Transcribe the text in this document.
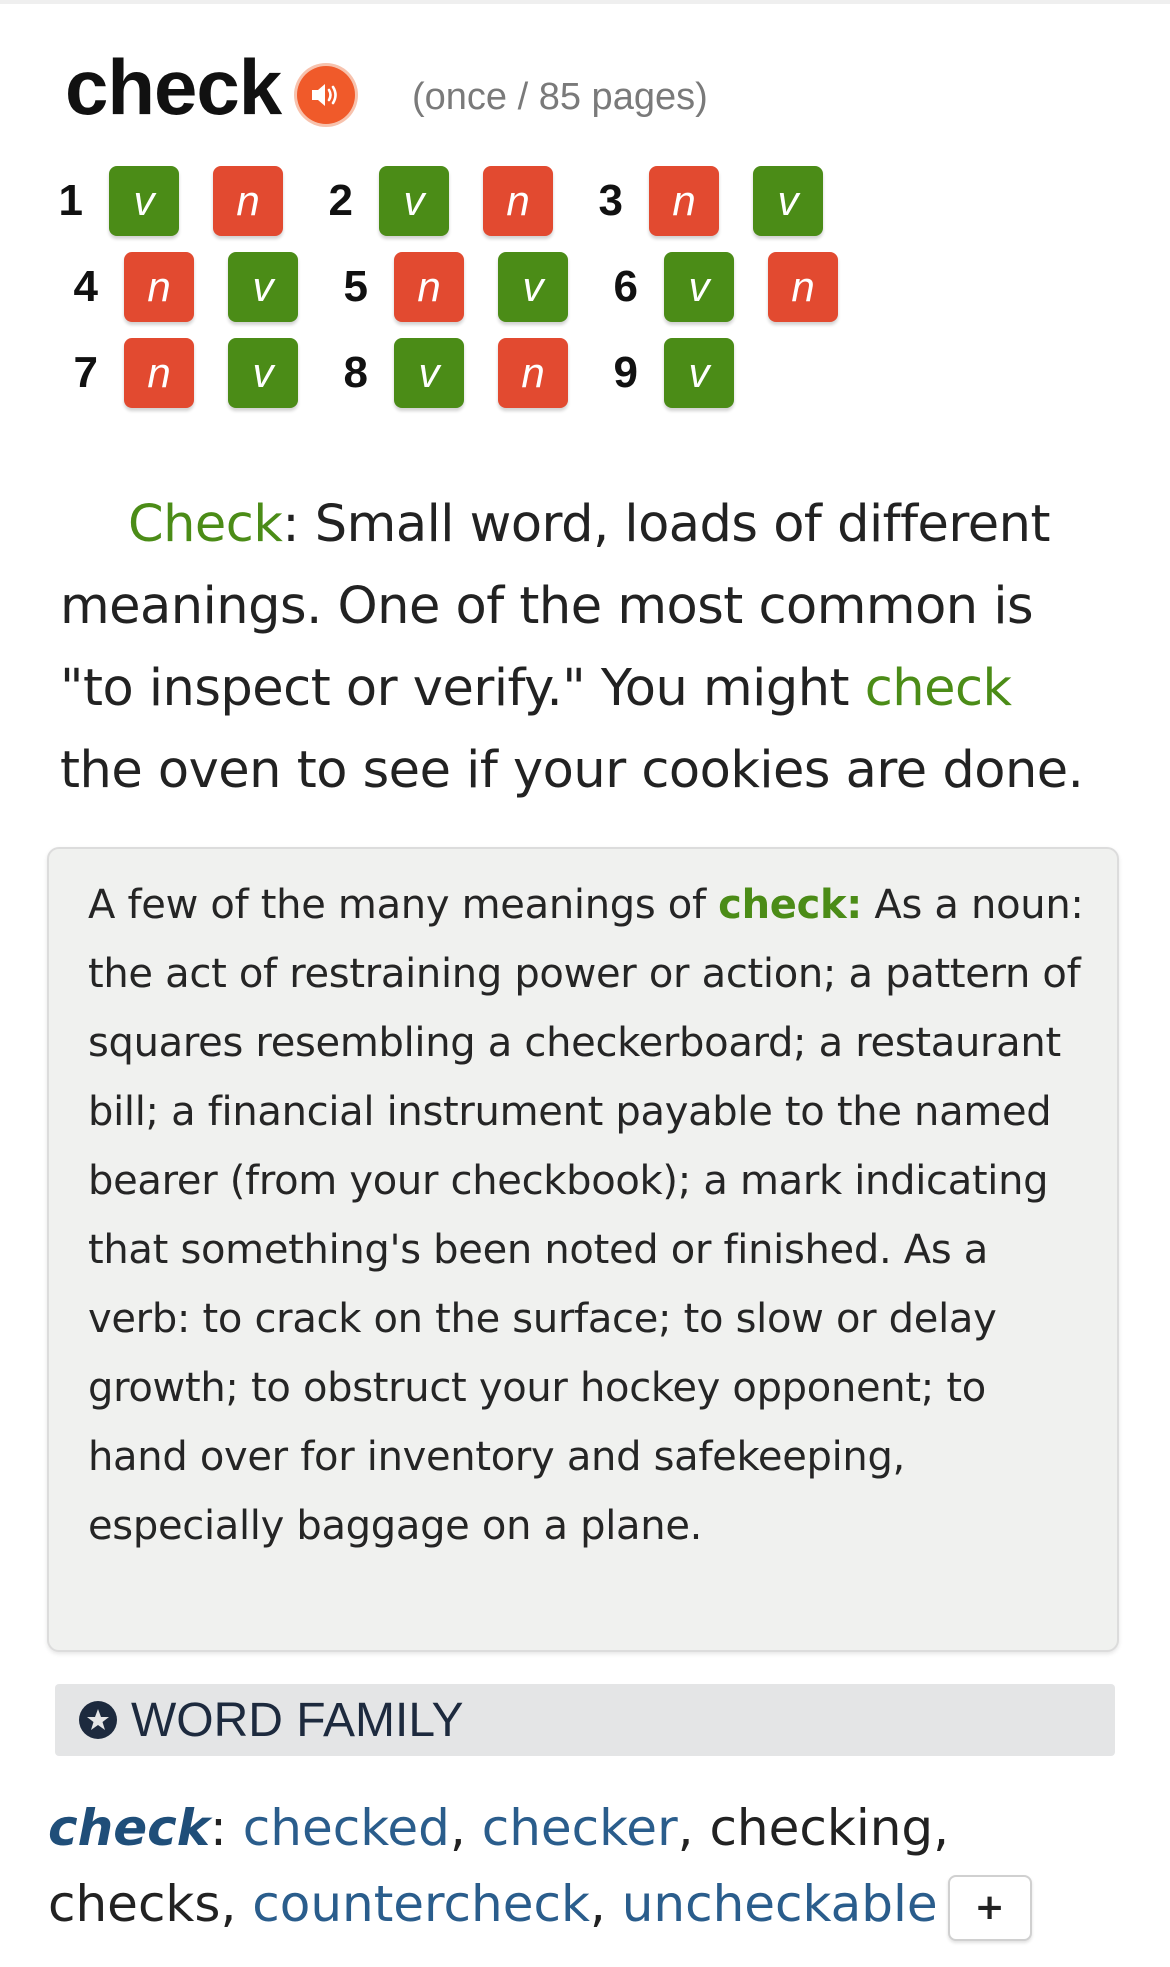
check	(once / 85 pages)
1	v	n	2	v	n	3	n	v
4	n	v	5	n	v	6	v	n
7	n	v	8	v	n	9	v
Check: Small word, loads of different meanings. One of the most common is "to inspect or verify." You might check the oven to see if your cookies are done.
A few of the many meanings of check: As a noun: the act of restraining power or action; a pattern of squares resembling a checkerboard; a restaurant bill; a financial instrument payable to the named bearer (from your checkbook); a mark indicating that something's been noted or finished. As a verb: to crack on the surface; to slow or delay growth; to obstruct your hockey opponent; to hand over for inventory and safekeeping, especially baggage on a plane.
WORD FAMILY
check: checked, checker, checking, checks, countercheck, uncheckable +
